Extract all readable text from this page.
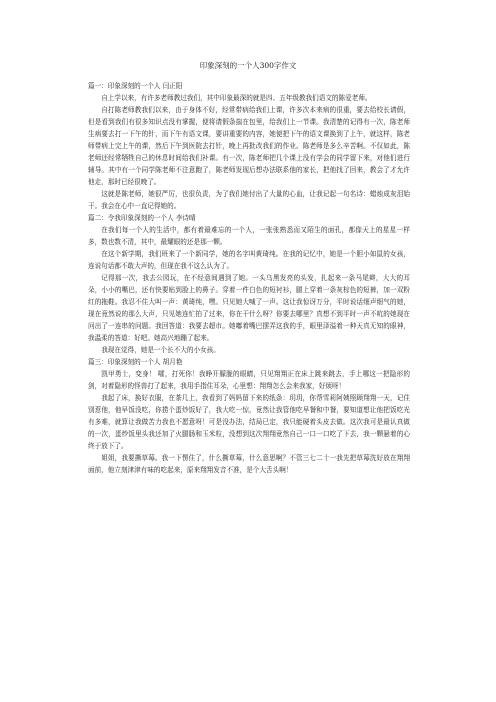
印象深刻的一个人300字作文
篇一：印象深刻的一个人 闫正阳
自上学以来，有许多老师教过我们，其中印象最深的就是四、五年级教我们语文的陈爱老师。
自打陈老师教我们以来，由于身体不好，经常带病给我们上课，许多次本来病的很重，要去给校长请假，但是看到我们有很多知识点没有掌握，便将请假条揣在包里，给我们上一节课。我清楚的记得有一次，陈老师生病要去打一下午的针，而下午有语文课，要讲重要的内容，她便把下午的语文课换到了上午，就这样，陈老师带病上完上午的课，然后下午到医院去打针，晚上再批改我们的作业。陈老师是多么辛苦啊。不仅如此，陈老师还经常牺牲自己的休息时间给我们补课。有一次，陈老师把几个课上没有学会的同学留下来，对他们进行辅导。其中有一个同学陈老师不注意跑了，陈老师发现后想办法联系他的家长，把他找了回来，教会了才允许他走，那时已经很晚了。
这就是陈老师，她很严厉，也很负责，为了我们她付出了大量的心血，让我记起一句名诗：蜡烛成灰泪始干。我会在心中一直记得她的。
篇二：令我印象深刻的一个人 李诗晴
在我们每一个人的生活中，都有着最难忘的一个人，一张张熟悉而又陌生的面孔，都像天上的星星一样多，数也数不清，其中，最耀眼的还是那一颗。
在这个新学期，我们班来了一个新同学，她的名字叫黄琦纯。在我的记忆中，她是一个胆小如鼠的女孩，连说句话都不敢大声的，但现在我不这么认为了。
记得那一次，我去公园玩，在不经意间遇到了她。一头乌黑发亮的头发，扎起来一条马尾辫，大大的耳朵，小小的嘴巴，还有快要贴到脸上的鼻子。穿着一件白色的短衬衫，腿上穿着一条灰棕色的短裤，加一双粉红的拖鞋。我忍不住大叫一声：黄琦纯，嘿。只见她大喊了一声。这让我惊讶万分，平时说话细声细气的她，现在竟然说的那么大声，只见她连忙拍了过来，你在干什么呀？你要去哪里？真想不到平时一声不吭的她现在问出了一连串的问题。我回答道：我要去超市。她嘟着嘴巴摆弄这我的手，眼里泽溢着一种天真无知的眼神，我温柔的答道：好吧。她高兴地蹦了起来。
我现在觉得，她是一个长不大的小女孩。
篇三：印象深刻的一个人 胡月艳
凯甲勇士，变身！ 嚯，打死你！我睁开朦胧的眼睛，只见翔翔正在床上跳来跳去，手上哪这一把隐形的剑，对着隐形的怪兽打了起来，我用手指住耳朵，心里想：翔翔怎么会来我家，好烦呀！
我起了床，换好衣服，在茶几上，我看到了妈妈留下来的纸条：玥玥，你帮雪莉阿姨照顾翔翔一天，记住别惹他，他早饭没吃，你捞个蛋炒饭好了，我大吃一惊，竟然让我管他吃早餐和中餐，要知道想让他把饭吃光有多难，就算让我做苦力我也不愿意呀！可是没办法，结局已定，我只能硬着头皮去做。这次我可是最认真做的一次，蛋炒饭里头我还加了火腿肠和玉米粒，没想到这次翔翔竟然自己一口一口吃了下去，我一颗悬着的心终于放下了。
姐姐，我要撕草莓。我一下愣住了，什么撕草莓，什么意思啊？不管三七二十一我先把草莓洗好放在翔翔面前，他立刻津津有味的吃起来，原来翔翔发音不准，是个大舌头啊！
